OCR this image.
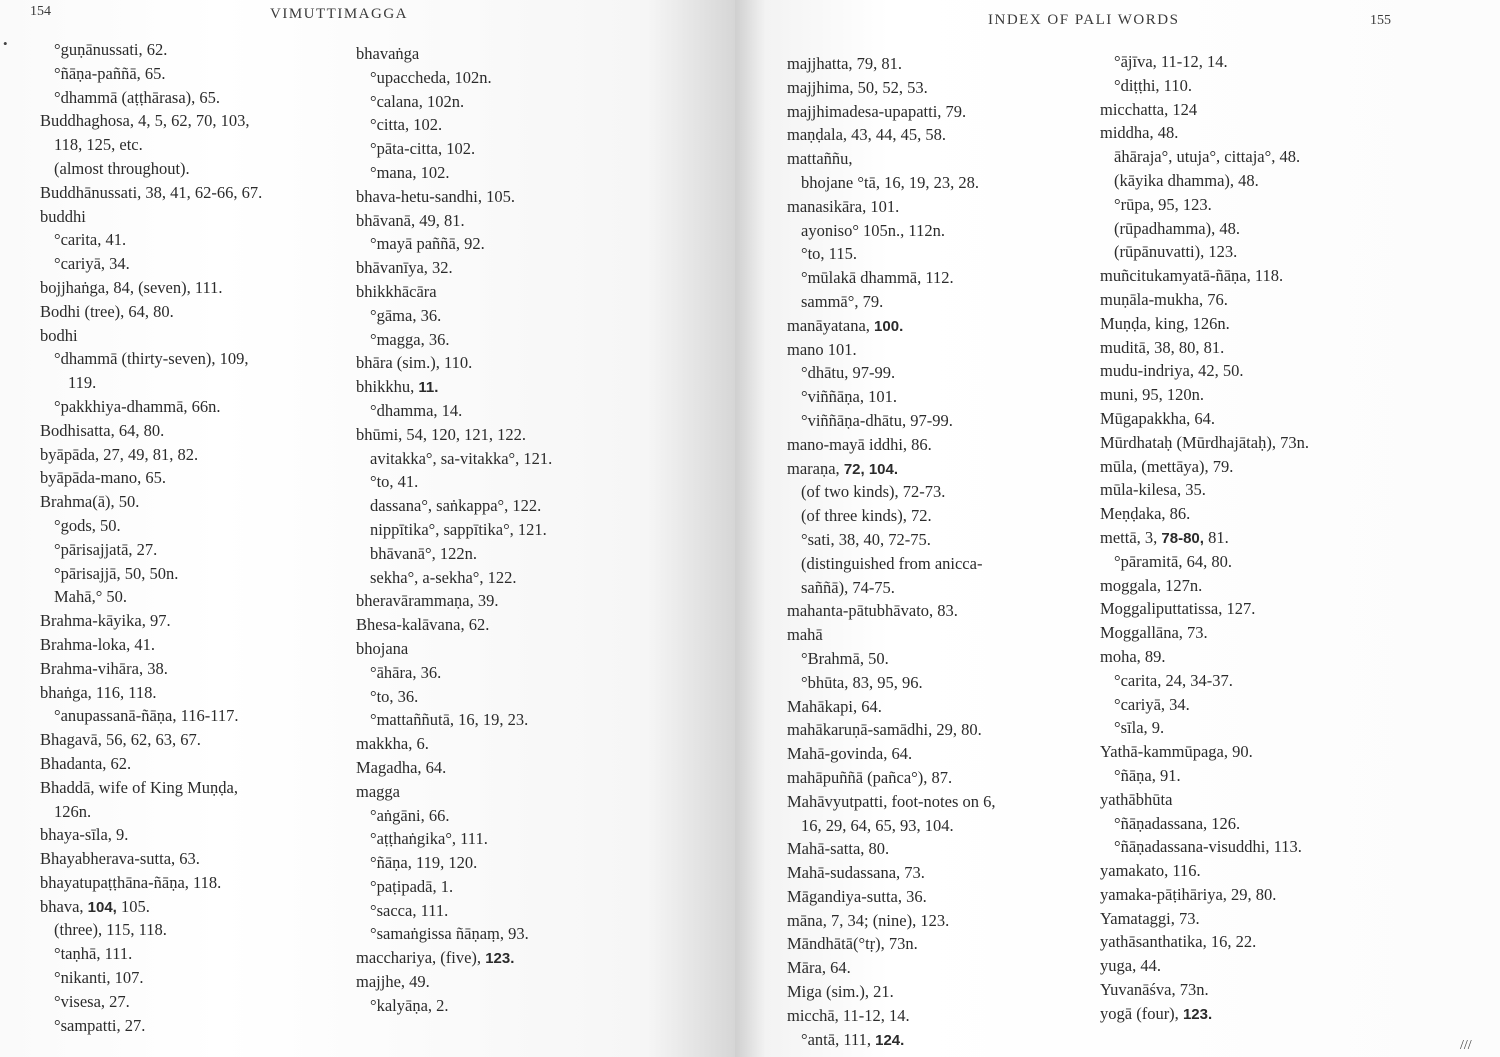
154	VIMUTTIMAGGA
•	°guṇānussati, 62.
°ñāṇa-paññā, 65.
°dhammā (aṭṭhārasa), 65.
Buddhaghosa, 4, 5, 62, 70, 103,
118, 125, etc.
(almost throughout).
Buddhānussati, 38, 41, 62-66, 67.
buddhi
°carita, 41.
°cariyā, 34.
bojjhaṅga, 84, (seven), 111.
Bodhi (tree), 64, 80.
bodhi
°dhammā (thirty-seven), 109,
119.
°pakkhiya-dhammā, 66n.
Bodhisatta, 64, 80.
byāpāda, 27, 49, 81, 82.
byāpāda-mano, 65.
Brahma(ā), 50.
°gods, 50.
°pārisajjatā, 27.
°pārisajjā, 50, 50n.
Mahā,° 50.
Brahma-kāyika, 97.
Brahma-loka, 41.
Brahma-vihāra, 38.
bhaṅga, 116, 118.
°anupassanā-ñāṇa, 116-117.
Bhagavā, 56, 62, 63, 67.
Bhadanta, 62.
Bhaddā, wife of King Muṇḍa,
126n.
bhaya-sīla, 9.
Bhayabherava-sutta, 63.
bhayatupaṭṭhāna-ñāṇa, 118.
bhava, 104, 105.
(three), 115, 118.
°taṇhā, 111.
°nikanti, 107.
°visesa, 27.
°sampatti, 27.
bhavaṅga
°upaccheda, 102n.
°calana, 102n.
°citta, 102.
°pāta-citta, 102.
°mana, 102.
bhava-hetu-sandhi, 105.
bhāvanā, 49, 81.
°mayā paññā, 92.
bhāvanīya, 32.
bhikkhācāra
°gāma, 36.
°magga, 36.
bhāra (sim.), 110.
bhikkhu, 11.
°dhamma, 14.
bhūmi, 54, 120, 121, 122.
avitakka°, sa-vitakka°, 121.
°to, 41.
dassana°, saṅkappa°, 122.
nippītika°, sappītika°, 121.
bhāvanā°, 122n.
sekha°, a-sekha°, 122.
bheravārammaṇa, 39.
Bhesa-kalāvana, 62.
bhojana
°āhāra, 36.
°to, 36.
°mattaññutā, 16, 19, 23.
makkha, 6.
Magadha, 64.
magga
°aṅgāni, 66.
°aṭṭhaṅgika°, 111.
°ñāṇa, 119, 120.
°paṭipadā, 1.
°sacca, 111.
°samaṅgissa ñāṇaṃ, 93.
macchariya, (five), 123.
majjhe, 49.
°kalyāṇa, 2.
INDEX OF PALI WORDS	155
majjhatta, 79, 81.
majjhima, 50, 52, 53.
majjhimadesa-upapatti, 79.
maṇḍala, 43, 44, 45, 58.
mattaññu,
bhojane °tā, 16, 19, 23, 28.
manasikāra, 101.
ayoniso° 105n., 112n.
°to, 115.
°mūlakā dhammā, 112.
sammā°, 79.
manāyatana, 100.
mano 101.
°dhātu, 97-99.
°viññāṇa, 101.
°viññāṇa-dhātu, 97-99.
mano-mayā iddhi, 86.
maraṇa, 72, 104.
(of two kinds), 72-73.
(of three kinds), 72.
°sati, 38, 40, 72-75.
(distinguished from anicca-
saññā), 74-75.
mahanta-pātubhāvato, 83.
mahā
°Brahmā, 50.
°bhūta, 83, 95, 96.
Mahākapi, 64.
mahākaruṇā-samādhi, 29, 80.
Mahā-govinda, 64.
mahāpuññā (pañca°), 87.
Mahāvyutpatti, foot-notes on 6,
16, 29, 64, 65, 93, 104.
Mahā-satta, 80.
Mahā-sudassana, 73.
Māgandiya-sutta, 36.
māna, 7, 34; (nine), 123.
Māndhātā(°tṛ), 73n.
Māra, 64.
Miga (sim.), 21.
micchā, 11-12, 14.
°antā, 111, 124.
°ājīva, 11-12, 14.
°diṭṭhi, 110.
micchatta, 124
middha, 48.
āhāraja°, utuja°, cittaja°, 48.
(kāyika dhamma), 48.
°rūpa, 95, 123.
(rūpadhamma), 48.
(rūpānuvatti), 123.
muñcitukamyatā-ñāṇa, 118.
muṇāla-mukha, 76.
Muṇḍa, king, 126n.
muditā, 38, 80, 81.
mudu-indriya, 42, 50.
muni, 95, 120n.
Mūgapakkha, 64.
Mūrdhataḥ (Mūrdhajātaḥ), 73n.
mūla, (mettāya), 79.
mūla-kilesa, 35.
Meṇḍaka, 86.
mettā, 3, 78-80, 81.
°pāramitā, 64, 80.
moggala, 127n.
Moggaliputtatissa, 127.
Moggallāna, 73.
moha, 89.
°carita, 24, 34-37.
°cariyā, 34.
°sīla, 9.
Yathā-kammūpaga, 90.
°ñāṇa, 91.
yathābhūta
°ñāṇadassana, 126.
°ñāṇadassana-visuddhi, 113.
yamakato, 116.
yamaka-pāṭihāriya, 29, 80.
Yamataggi, 73.
yathāsanthatika, 16, 22.
yuga, 44.
Yuvanāśva, 73n.
yogā (four), 123.
///
